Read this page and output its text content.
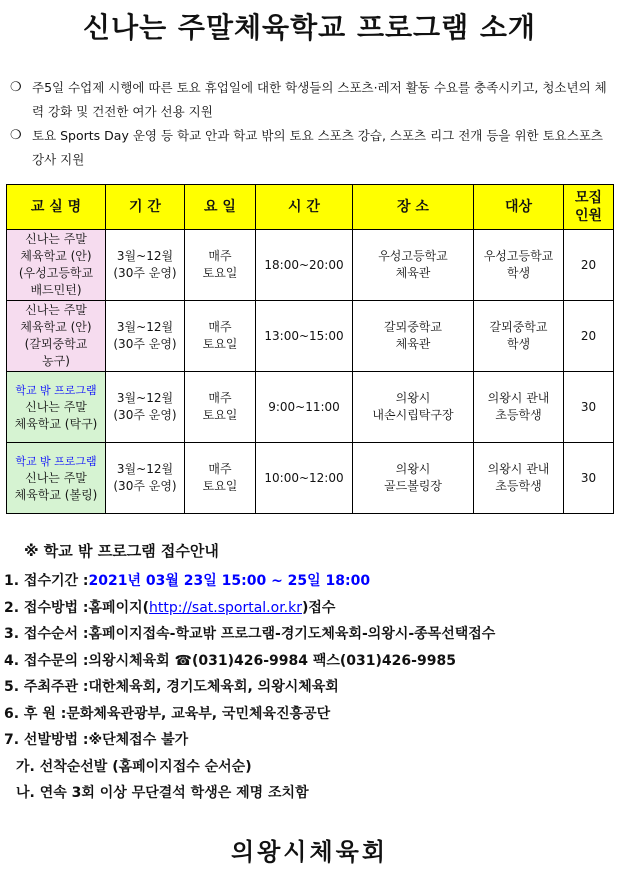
신나는 주말체육학교 프로그램 소개
❍ 주5일 수업제 시행에 따른 토요 휴업일에 대한 학생들의 스포츠·레저 활동 수요를 충족시키고, 청소년의 체력 강화 및 건전한 여가 선용 지원
❍ 토요 Sports Day 운영 등 학교 안과 학교 밖의 토요 스포츠 강습, 스포츠 리그 전개 등을 위한 토요스포츠강사 지원
교 실 명	기 간	요 일	시 간	장 소	대상	모집
인원

신나는 주말
체육학교 (안)
(우성고등학교
배드민턴)	3월~12월
(30주 운영)	매주
토요일	18:00~20:00	우성고등학교
체육관	우성고등학교
학생	20

신나는 주말
체육학교 (안)
(갈뫼중학교
농구)	3월~12월
(30주 운영)	매주
토요일	13:00~15:00	갈뫼중학교
체육관	갈뫼중학교
학생	20

학교 밖 프로그램
신나는 주말
체육학교 (탁구)	3월~12월
(30주 운영)	매주
토요일	9:00~11:00	의왕시
내손시립탁구장	의왕시 관내
초등학생	30

학교 밖 프로그램
신나는 주말
체육학교 (볼링)	3월~12월
(30주 운영)	매주
토요일	10:00~12:00	의왕시
골드볼링장	의왕시 관내
초등학생	30
※ 학교 밖 프로그램 접수안내
1. 접수기간 :2021년 03월 23일 15:00 ~ 25일 18:00
2. 접수방법 :홈페이지(http://sat.sportal.or.kr)접수
3. 접수순서 :홈페이지접속-학교밖 프로그램-경기도체육회-의왕시-종목선택접수
4. 접수문의 :의왕시체육회 ☎(031)426-9984 팩스(031)426-9985
5. 주최주관 :대한체육회, 경기도체육회, 의왕시체육회
6. 후 원 :문화체육관광부, 교육부, 국민체육진흥공단
7. 선발방법 :※단체접수 불가
가. 선착순선발 (홈페이지접수 순서순)
나. 연속 3회 이상 무단결석 학생은 제명 조치함
의왕시체육회
